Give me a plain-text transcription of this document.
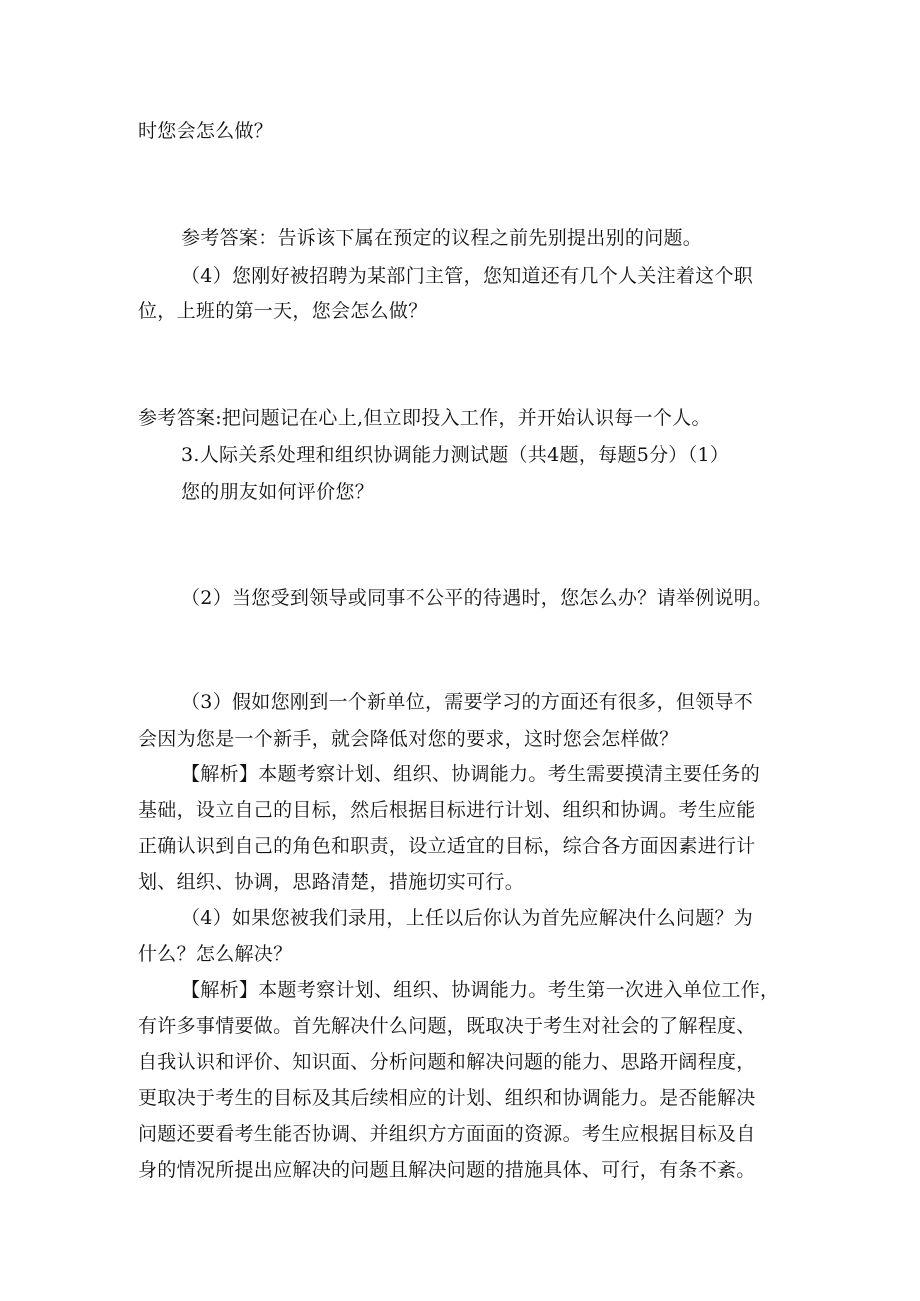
时您会怎么做？
参考答案：告诉该下属在预定的议程之前先别提出别的问题。
（4）您刚好被招聘为某部门主管，您知道还有几个人关注着这个职
位，上班的第一天，您会怎么做？
参考答案:把问题记在心上,但立即投入工作，并开始认识每一个人。
3.人际关系处理和组织协调能力测试题（共4题，每题5分）（1）
您的朋友如何评价您？
（2）当您受到领导或同事不公平的待遇时，您怎么办？请举例说明。
（3）假如您刚到一个新单位，需要学习的方面还有很多，但领导不
会因为您是一个新手，就会降低对您的要求，这时您会怎样做？
【解析】本题考察计划、组织、协调能力。考生需要摸清主要任务的
基础，设立自己的目标，然后根据目标进行计划、组织和协调。考生应能
正确认识到自己的角色和职责，设立适宜的目标，综合各方面因素进行计
划、组织、协调，思路清楚，措施切实可行。
（4）如果您被我们录用，上任以后你认为首先应解决什么问题？为
什么？怎么解决？
【解析】本题考察计划、组织、协调能力。考生第一次进入单位工作，
有许多事情要做。首先解决什么问题，既取决于考生对社会的了解程度、
自我认识和评价、知识面、分析问题和解决问题的能力、思路开阔程度，
更取决于考生的目标及其后续相应的计划、组织和协调能力。是否能解决
问题还要看考生能否协调、并组织方方面面的资源。考生应根据目标及自
身的情况所提出应解决的问题且解决问题的措施具体、可行，有条不紊。
